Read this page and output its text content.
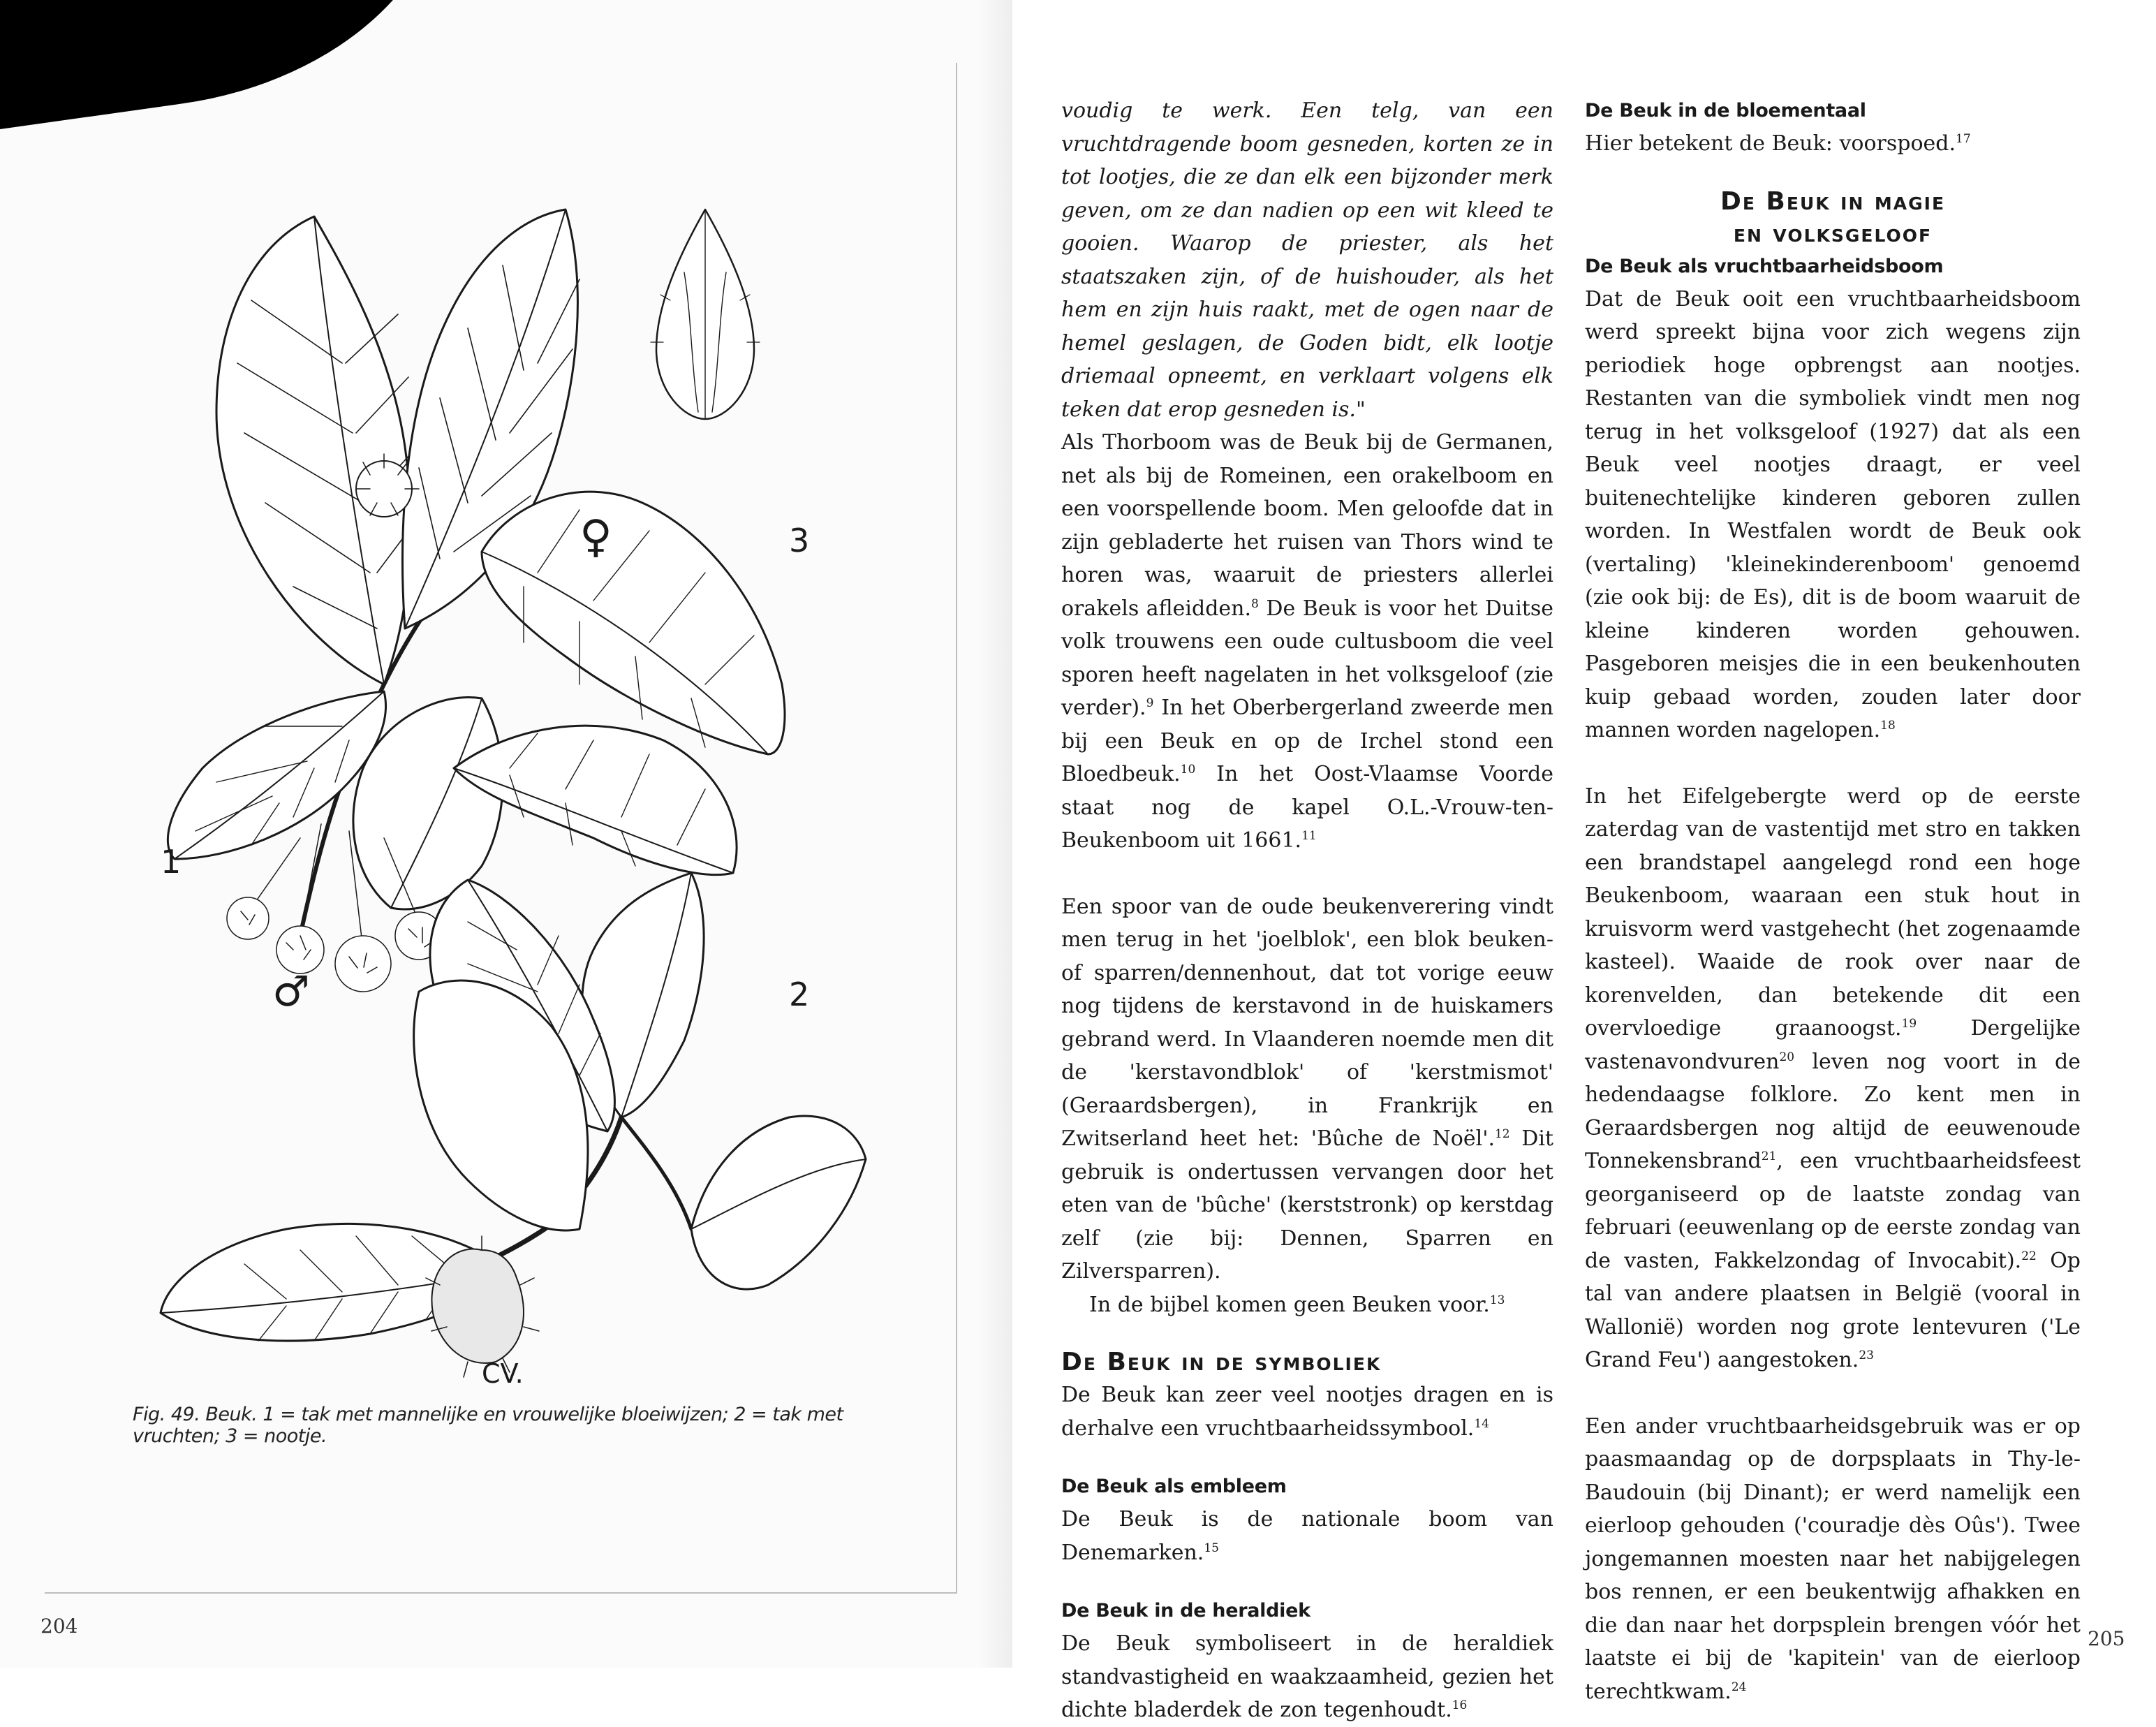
♀	3
1
♂	2
CV.
Fig. 49. Beuk. 1 = tak met mannelijke en vrouwelijke bloeiwijzen; 2 = tak met vruchten; 3 = nootje.
204

voudig te werk. Een telg, van een vruchtdragende boom gesneden, korten ze in tot lootjes, die ze dan elk een bijzonder merk geven, om ze dan nadien op een wit kleed te gooien. Waarop de priester, als het staatszaken zijn, of de huishouder, als het hem en zijn huis raakt, met de ogen naar de hemel geslagen, de Goden bidt, elk lootje driemaal opneemt, en verklaart volgens elk teken dat erop gesneden is."

Als Thorboom was de Beuk bij de Germanen, net als bij de Romeinen, een orakelboom en een voorspellende boom. Men geloofde dat in zijn gebladerte het ruisen van Thors wind te horen was, waaruit de priesters allerlei orakels afleidden.$^8$ De Beuk is voor het Duitse volk trouwens een oude cultusboom die veel sporen heeft nagelaten in het volksgeloof (zie verder).$^9$ In het Oberbergerland zweerde men bij een Beuk en op de Irchel stond een Bloedbeuk.$^{10}$ In het Oost-Vlaamse Voorde staat nog de kapel O.L.-Vrouw-ten-Beukenboom uit 1661.11

Een spoor van de oude beukenverering vindt men terug in het 'joelblok', een blok beuken- of sparren/dennenhout, dat tot vorige eeuw nog tijdens de kerstavond in de huiskamers gebrand werd. In Vlaanderen noemde men dit de 'kerstavondblok' of 'kerstmismot' (Geraardsbergen), in Frankrijk en Zwitserland heet het: 'Bûche de Noël'.$^{12}$ Dit gebruik is ondertussen vervangen door het eten van de 'bûche' (kerststronk) op kerstdag zelf (zie bij: Dennen, Sparren en Zilversparren).

In de bijbel komen geen Beuken voor.$^{13}$

De Beuk in de symboliek

De Beuk kan zeer veel nootjes dragen en is derhalve een vruchtbaarheidssymbool.$^{14}$

De Beuk als embleem

De Beuk is de nationale boom van Denemarken.$^{15}$

De Beuk in de heraldiek

De Beuk symboliseert in de heraldiek standvastigheid en waakzaamheid, gezien het dichte bladerdek de zon tegenhoudt.$^{16}$

De Beuk in de bloementaal

Hier betekent de Beuk: voorspoed.$^{17}$

De Beuk in magie
en volksgeloof
De Beuk als vruchtbaarheidsboom

Dat de Beuk ooit een vruchtbaarheidsboom werd spreekt bijna voor zich wegens zijn periodiek hoge opbrengst aan nootjes. Restanten van die symboliek vindt men nog terug in het volksgeloof (1927) dat als een Beuk veel nootjes draagt, er veel buitenechtelijke kinderen geboren zullen worden. In Westfalen wordt de Beuk ook (vertaling) 'kleinekinderenboom' genoemd (zie ook bij: de Es), dit is de boom waaruit de kleine kinderen worden gehouwen. Pasgeboren meisjes die in een beukenhouten kuip gebaad worden, zouden later door mannen worden nagelopen.$^{18}$

In het Eifelgebergte werd op de eerste zaterdag van de vastentijd met stro en takken een brandstapel aangelegd rond een hoge Beukenboom, waaraan een stuk hout in kruisvorm werd vastgehecht (het zogenaamde kasteel). Waaide de rook over naar de korenvelden, dan betekende dit een overvloedige graanoogst.$^{19}$ Dergelijke vastenavondvuren$^{20}$ leven nog voort in de hedendaagse folklore. Zo kent men in Geraardsbergen nog altijd de eeuwenoude Tonnekensbrand$^{21}$, een vruchtbaarheidsfeest georganiseerd op de laatste zondag van februari (eeuwenlang op de eerste zondag van de vasten, Fakkelzondag of Invocabit).$^{22}$ Op tal van andere plaatsen in België (vooral in Wallonië) worden nog grote lentevuren ('Le Grand Feu') aangestoken.$^{23}$

Een ander vruchtbaarheidsgebruik was er op paasmaandag op de dorpsplaats in Thy-le-Baudouin (bij Dinant); er werd namelijk een eierloop gehouden ('couradje dès Oûs'). Twee jongemannen moesten naar het nabijgelegen bos rennen, er een beukentwijg afhakken en die dan naar het dorpsplein brengen vóór het laatste ei bij de 'kapitein' van de eierloop terechtkwam.$^{24}$

205
